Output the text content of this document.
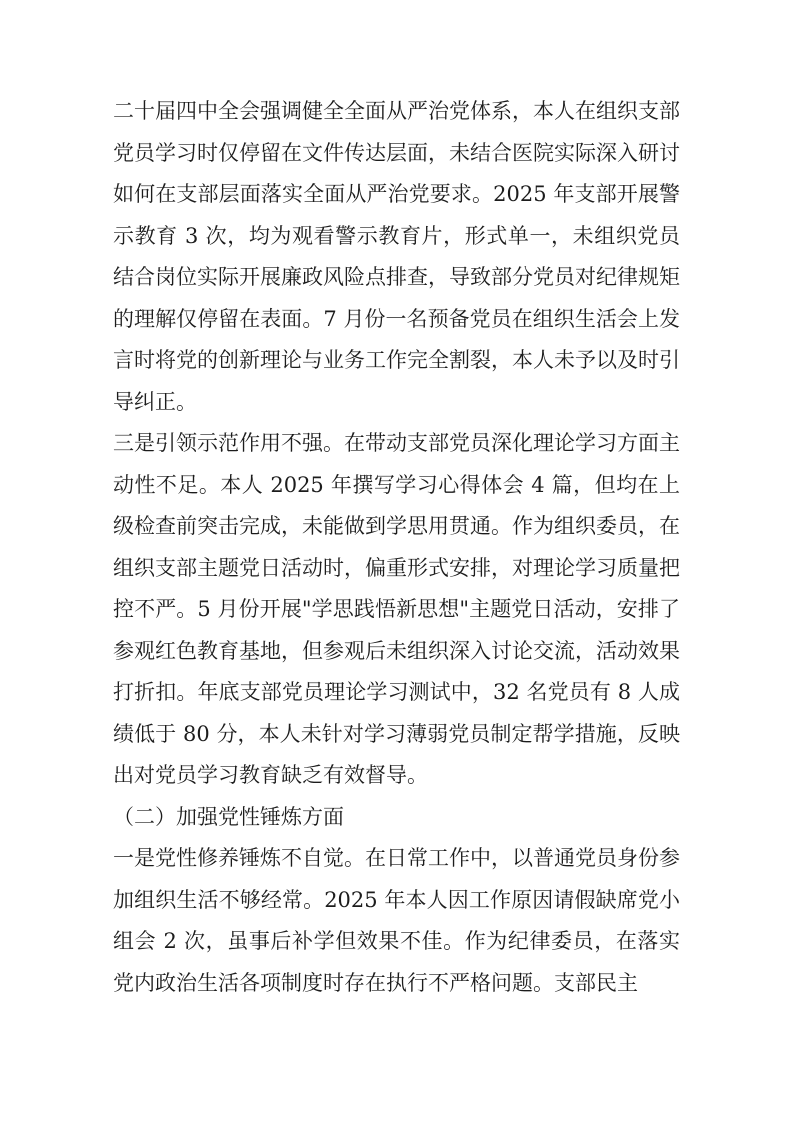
二十届四中全会强调健全全面从严治党体系，本人在组织支部党员学习时仅停留在文件传达层面，未结合医院实际深入研讨如何在支部层面落实全面从严治党要求。2025 年支部开展警示教育 3 次，均为观看警示教育片，形式单一，未组织党员结合岗位实际开展廉政风险点排查，导致部分党员对纪律规矩的理解仅停留在表面。7 月份一名预备党员在组织生活会上发言时将党的创新理论与业务工作完全割裂，本人未予以及时引导纠正。

三是引领示范作用不强。在带动支部党员深化理论学习方面主动性不足。本人 2025 年撰写学习心得体会 4 篇，但均在上级检查前突击完成，未能做到学思用贯通。作为组织委员，在组织支部主题党日活动时，偏重形式安排，对理论学习质量把控不严。5 月份开展"学思践悟新思想"主题党日活动，安排了参观红色教育基地，但参观后未组织深入讨论交流，活动效果打折扣。年底支部党员理论学习测试中，32 名党员有 8 人成绩低于 80 分，本人未针对学习薄弱党员制定帮学措施，反映出对党员学习教育缺乏有效督导。

（二）加强党性锤炼方面

一是党性修养锤炼不自觉。在日常工作中，以普通党员身份参加组织生活不够经常。2025 年本人因工作原因请假缺席党小组会 2 次，虽事后补学但效果不佳。作为纪律委员，在落实党内政治生活各项制度时存在执行不严格问题。支部民主
